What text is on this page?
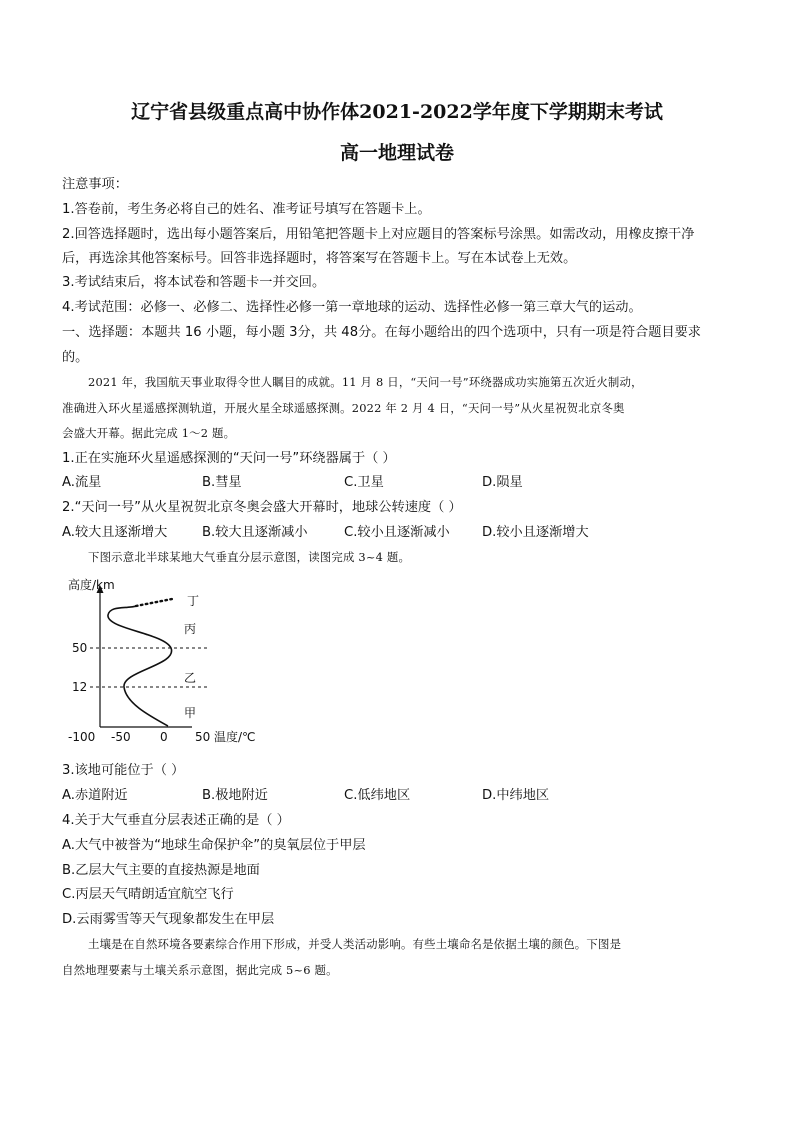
辽宁省县级重点高中协作体2021-2022学年度下学期期末考试
高一地理试卷
注意事项：
1.答卷前，考生务必将自己的姓名、准考证号填写在答题卡上。
2.回答选择题时，选出每小题答案后，用铅笔把答题卡上对应题目的答案标号涂黑。如需改动，用橡皮擦干净
后，再选涂其他答案标号。回答非选择题时，将答案写在答题卡上。写在本试卷上无效。
3.考试结束后，将本试卷和答题卡一并交回。
4.考试范围：必修一、必修二、选择性必修一第一章地球的运动、选择性必修一第三章大气的运动。
一、选择题：本题共 16 小题，每小题 3分，共 48分。在每小题给出的四个选项中，只有一项是符合题目要求
的。
2021 年，我国航天事业取得令世人瞩目的成就。11 月 8 日，“天问一号”环绕器成功实施第五次近火制动，
准确进入环火星遥感探测轨道，开展火星全球遥感探测。2022 年 2 月 4 日，“天问一号”从火星祝贺北京冬奥
会盛大开幕。据此完成 1～2 题。
1.正在实施环火星遥感探测的“天问一号”环绕器属于（ ）
A.流星	B.彗星	C.卫星	D.陨星
2.“天问一号”从火星祝贺北京冬奥会盛大开幕时，地球公转速度（ ）
A.较大且逐渐增大	B.较大且逐渐减小	C.较小且逐渐减小 D.较小且逐渐增大
下图示意北半球某地大气垂直分层示意图，读图完成 3~4 题。
高度/km
温度/℃
-100 -50 0 50
50
12
丁
丙
乙
甲
3.该地可能位于（ ）
A.赤道附近	B.极地附近	C.低纬地区	D.中纬地区
4.关于大气垂直分层表述正确的是（ ）
A.大气中被誉为“地球生命保护伞”的臭氧层位于甲层
B.乙层大气主要的直接热源是地面
C.丙层天气晴朗适宜航空飞行
D.云雨雾雪等天气现象都发生在甲层
土壤是在自然环境各要素综合作用下形成，并受人类活动影响。有些土壤命名是依据土壤的颜色。下图是
自然地理要素与土壤关系示意图，据此完成 5~6 题。
